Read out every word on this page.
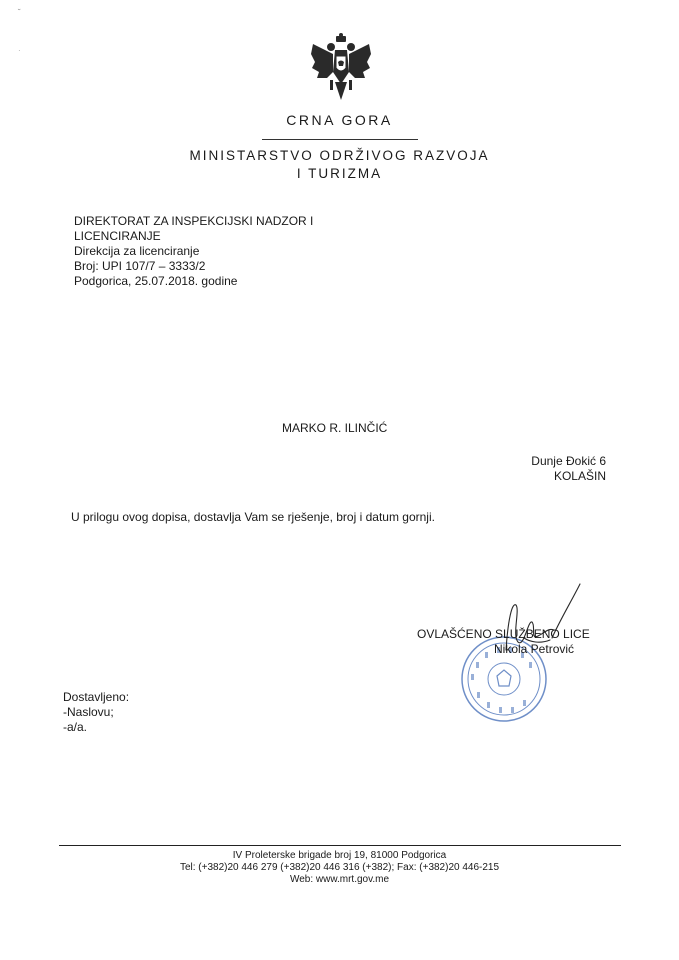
˘
·
CRNA GORA
MINISTARSTVO ODRŽIVOG RAZVOJA
I TURIZMA
DIREKTORAT ZA INSPEKCIJSKI NADZOR I
LICENCIRANJE
Direkcija za licenciranje
Broj: UPI 107/7 – 3333/2
Podgorica, 25.07.2018. godine
MARKO R. ILINČIĆ
Dunje Đokić 6
KOLAŠIN
U prilogu ovog dopisa, dostavlja Vam se rješenje, broj i datum gornji.
OVLAŠĆENO SLUŽBENO LICE
Nikola Petrović
Dostavljeno:
-Naslovu;
-a/a.
IV Proleterske brigade broj 19, 81000 Podgorica
Tel: (+382)20 446 279 (+382)20 446 316 (+382); Fax: (+382)20 446-215
Web: www.mrt.gov.me
